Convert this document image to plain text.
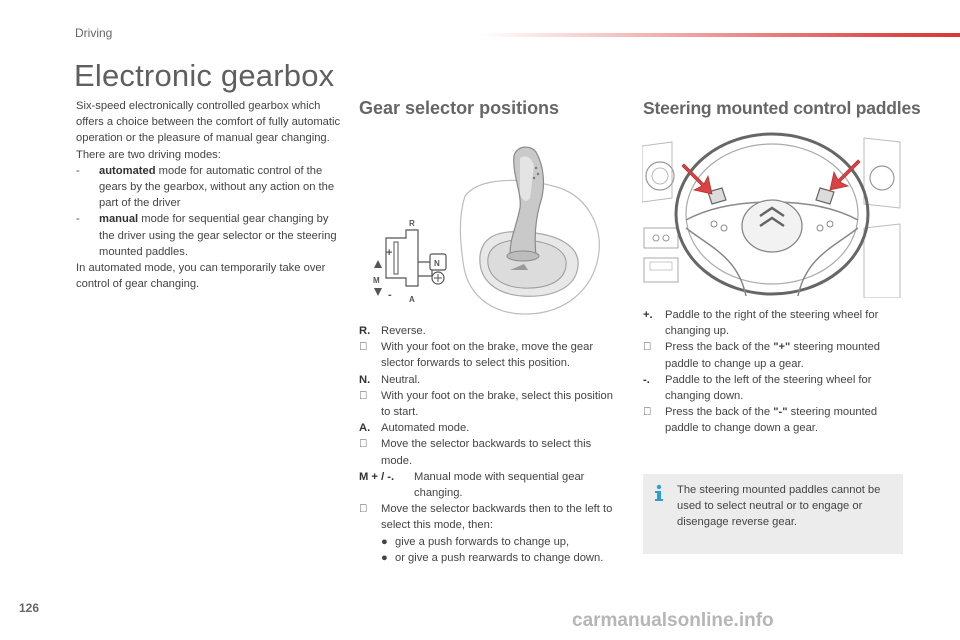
Driving
Electronic gearbox

Six-speed electronically controlled gearbox which offers a choice between the comfort of fully automatic operation or the pleasure of manual gear changing.

There are two driving modes:

-	automated mode for automatic control of the gears by the gearbox, without any action on the part of the driver
-	manual mode for sequential gear changing by the driver using the gear selector or the steering mounted paddles.

In automated mode, you can temporarily take over control of gear changing.

Gear selector positions	Steering mounted control paddles
R
N
A
M
+
-
R. Reverse.
With your foot on the brake, move the gear slector forwards to select this position.
N. Neutral.
With your foot on the brake, select this position to start.
A. Automated mode.
Move the selector backwards to select this mode.
M + / -.	Manual mode with sequential gear changing.
Move the selector backwards then to the left to select this mode, then:
● give a push forwards to change up,
● or give a push rearwards to change down.
+.	Paddle to the right of the steering wheel for changing up.
Press the back of the "+" steering mounted paddle to change up a gear.
-.	Paddle to the left of the steering wheel for changing down.
Press the back of the "-" steering mounted paddle to change down a gear.

The steering mounted paddles cannot be used to select neutral or to engage or disengage reverse gear.

126
carmanualsonline.info
